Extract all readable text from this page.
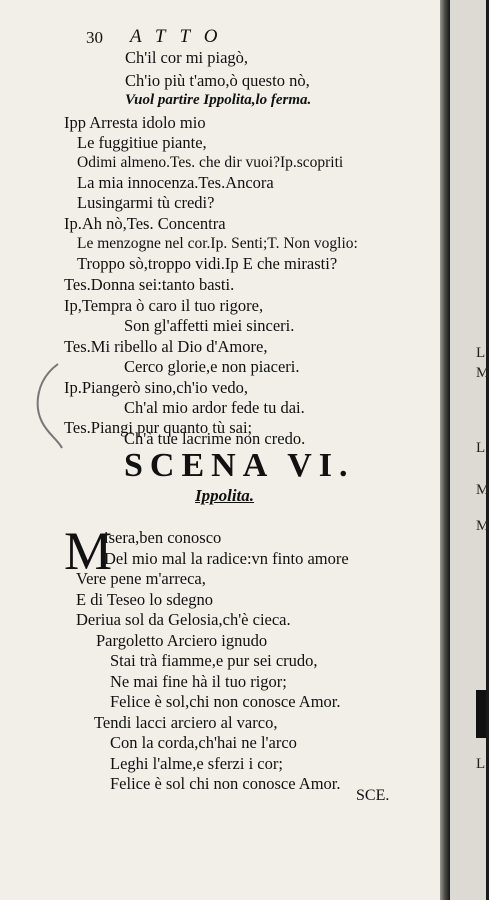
30 ATTO
Ch'il cor mi piagò,
Ch'io più t'amo,ò questo nò,
Vuol partire Ippolita,lo ferma.
Ipp Arresta idolo mio
Le fuggitiue piante,
Odimi almeno.Tes. che dir vuoi?Ip.scopriti
La mia innocenza.Tes.Ancora
Lusingarmi tù credi?
Ip.Ah nò,Tes. Concentra
Le menzogne nel cor.Ip. Senti;T. Non voglio:
Troppo sò,troppo vidi.Ip E che mirasti?
Tes.Donna sei:tanto basti.
Ip,Tempra ò caro il tuo rigore,
Son gl'affetti miei sinceri.
Tes.Mi ribello al Dio d'Amore,
Cerco glorie,e non piaceri.
Ip.Piangerò sino,ch'io vedo,
Ch'al mio ardor fede tu dai.
Tes.Piangi pur quanto tù sai;
SCENA VI.
Ippolita.
M
isera,ben conosco
Del mio mal la radice:vn finto amore
Vere pene m'arreca,
E di Teseo lo sdegno
Deriua sol da Gelosia,ch'è cieca.
Pargoletto Arciero ignudo
Stai trà fiamme,e pur sei crudo,
Ne mai fine hà il tuo rigor;
Felice è sol,chi non conosce Amor.
Tendi lacci arciero al varco,
Con la corda,ch'hai ne l'arco
Leghi l'alme,e sferzi i cor;
Felice è sol chi non conosce Amor.
SCE.
Ch'à tue lacrime non credo.
L
M
L
M
M
L
